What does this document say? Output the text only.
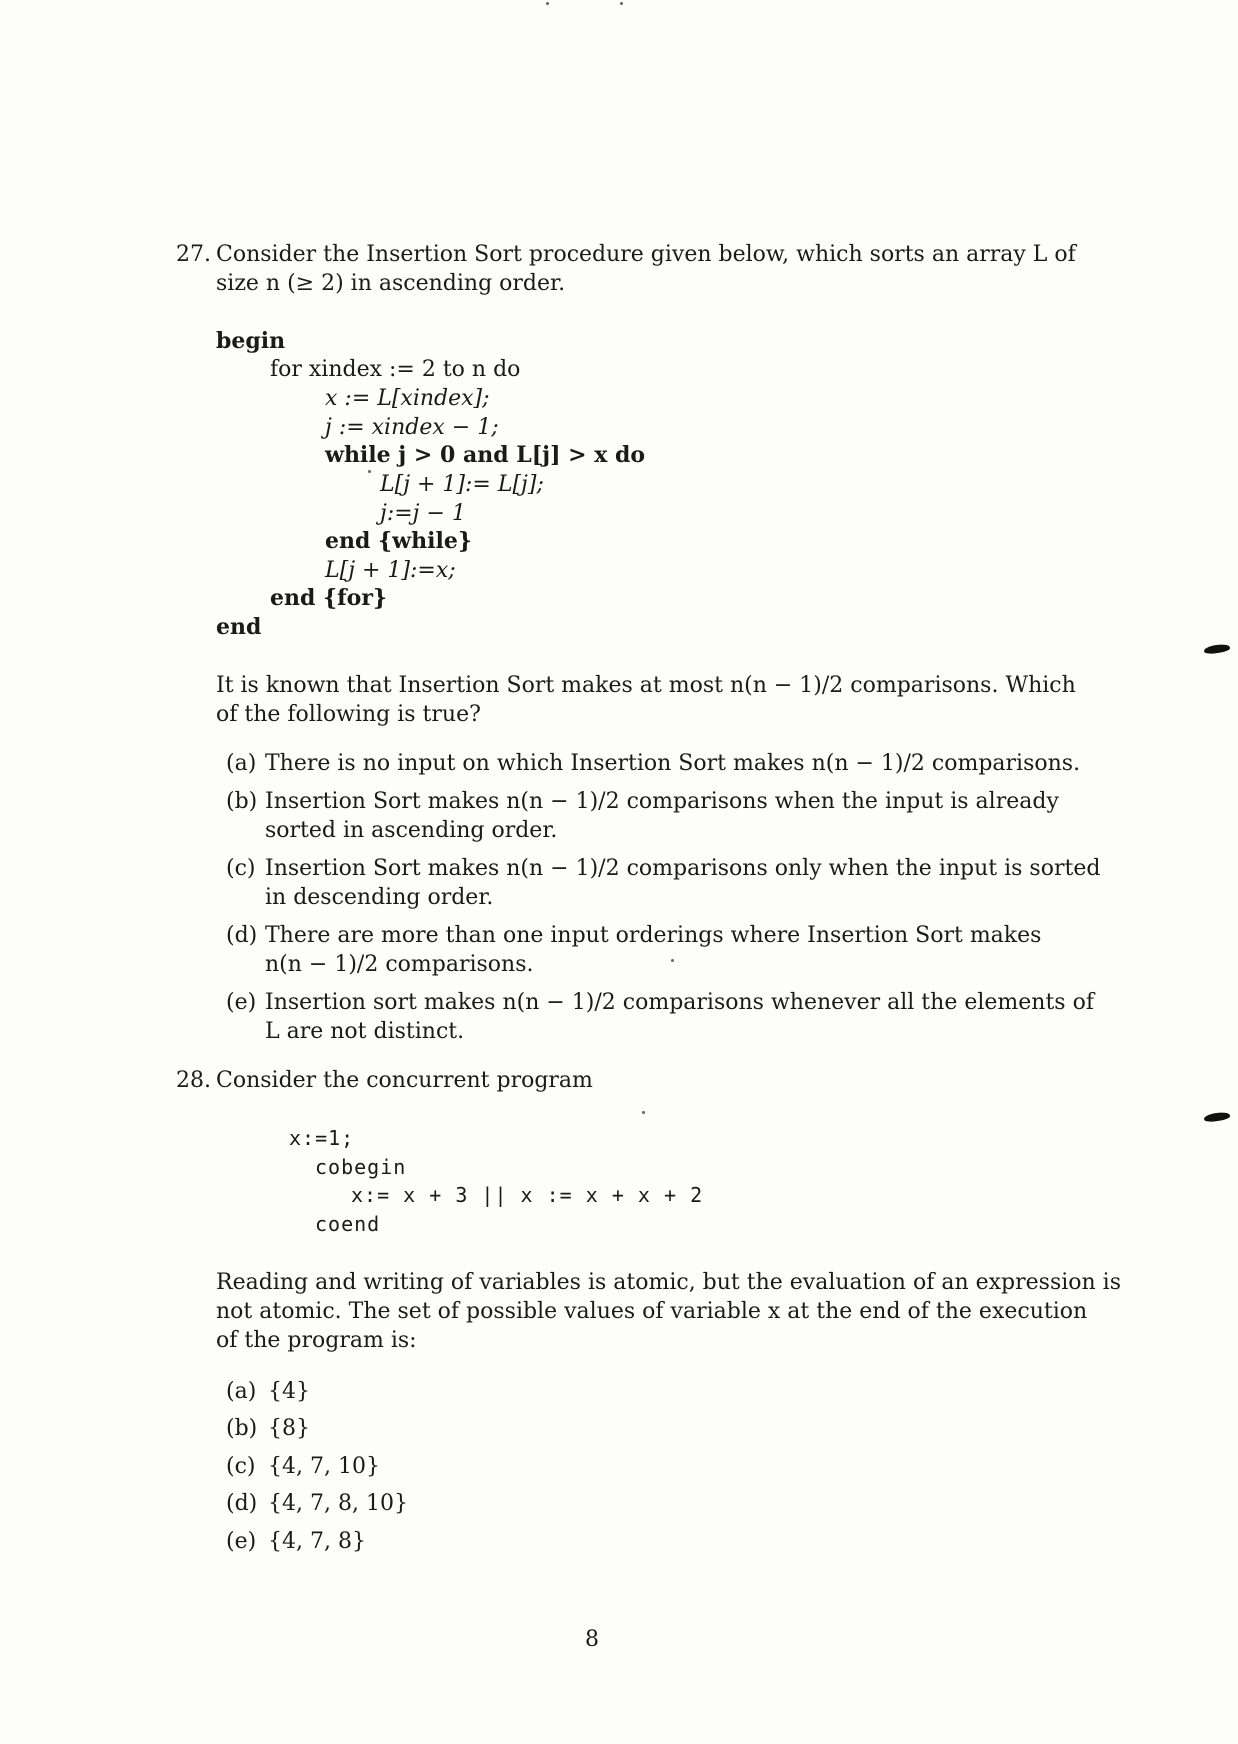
27. Consider the Insertion Sort procedure given below, which sorts an array L of
size n (≥ 2) in ascending order.
begin
for xindex := 2 to n do
x := L[xindex];
j := xindex − 1;
while j > 0 and L[j] > x do
L[j + 1]:= L[j];
j:=j − 1
end {while}
L[j + 1]:=x;
end {for}
end
It is known that Insertion Sort makes at most n(n − 1)/2 comparisons. Which
of the following is true?
(a) There is no input on which Insertion Sort makes n(n − 1)/2 comparisons.
(b) Insertion Sort makes n(n − 1)/2 comparisons when the input is already
sorted in ascending order.
(c) Insertion Sort makes n(n − 1)/2 comparisons only when the input is sorted
in descending order.
(d) There are more than one input orderings where Insertion Sort makes
n(n − 1)/2 comparisons.
(e) Insertion sort makes n(n − 1)/2 comparisons whenever all the elements of
L are not distinct.
28. Consider the concurrent program
x:=1;
cobegin
x:= x + 3 || x := x + x + 2
coend
Reading and writing of variables is atomic, but the evaluation of an expression is
not atomic. The set of possible values of variable x at the end of the execution
of the program is:
(a) {4}
(b) {8}
(c) {4, 7, 10}
(d) {4, 7, 8, 10}
(e) {4, 7, 8}
8
